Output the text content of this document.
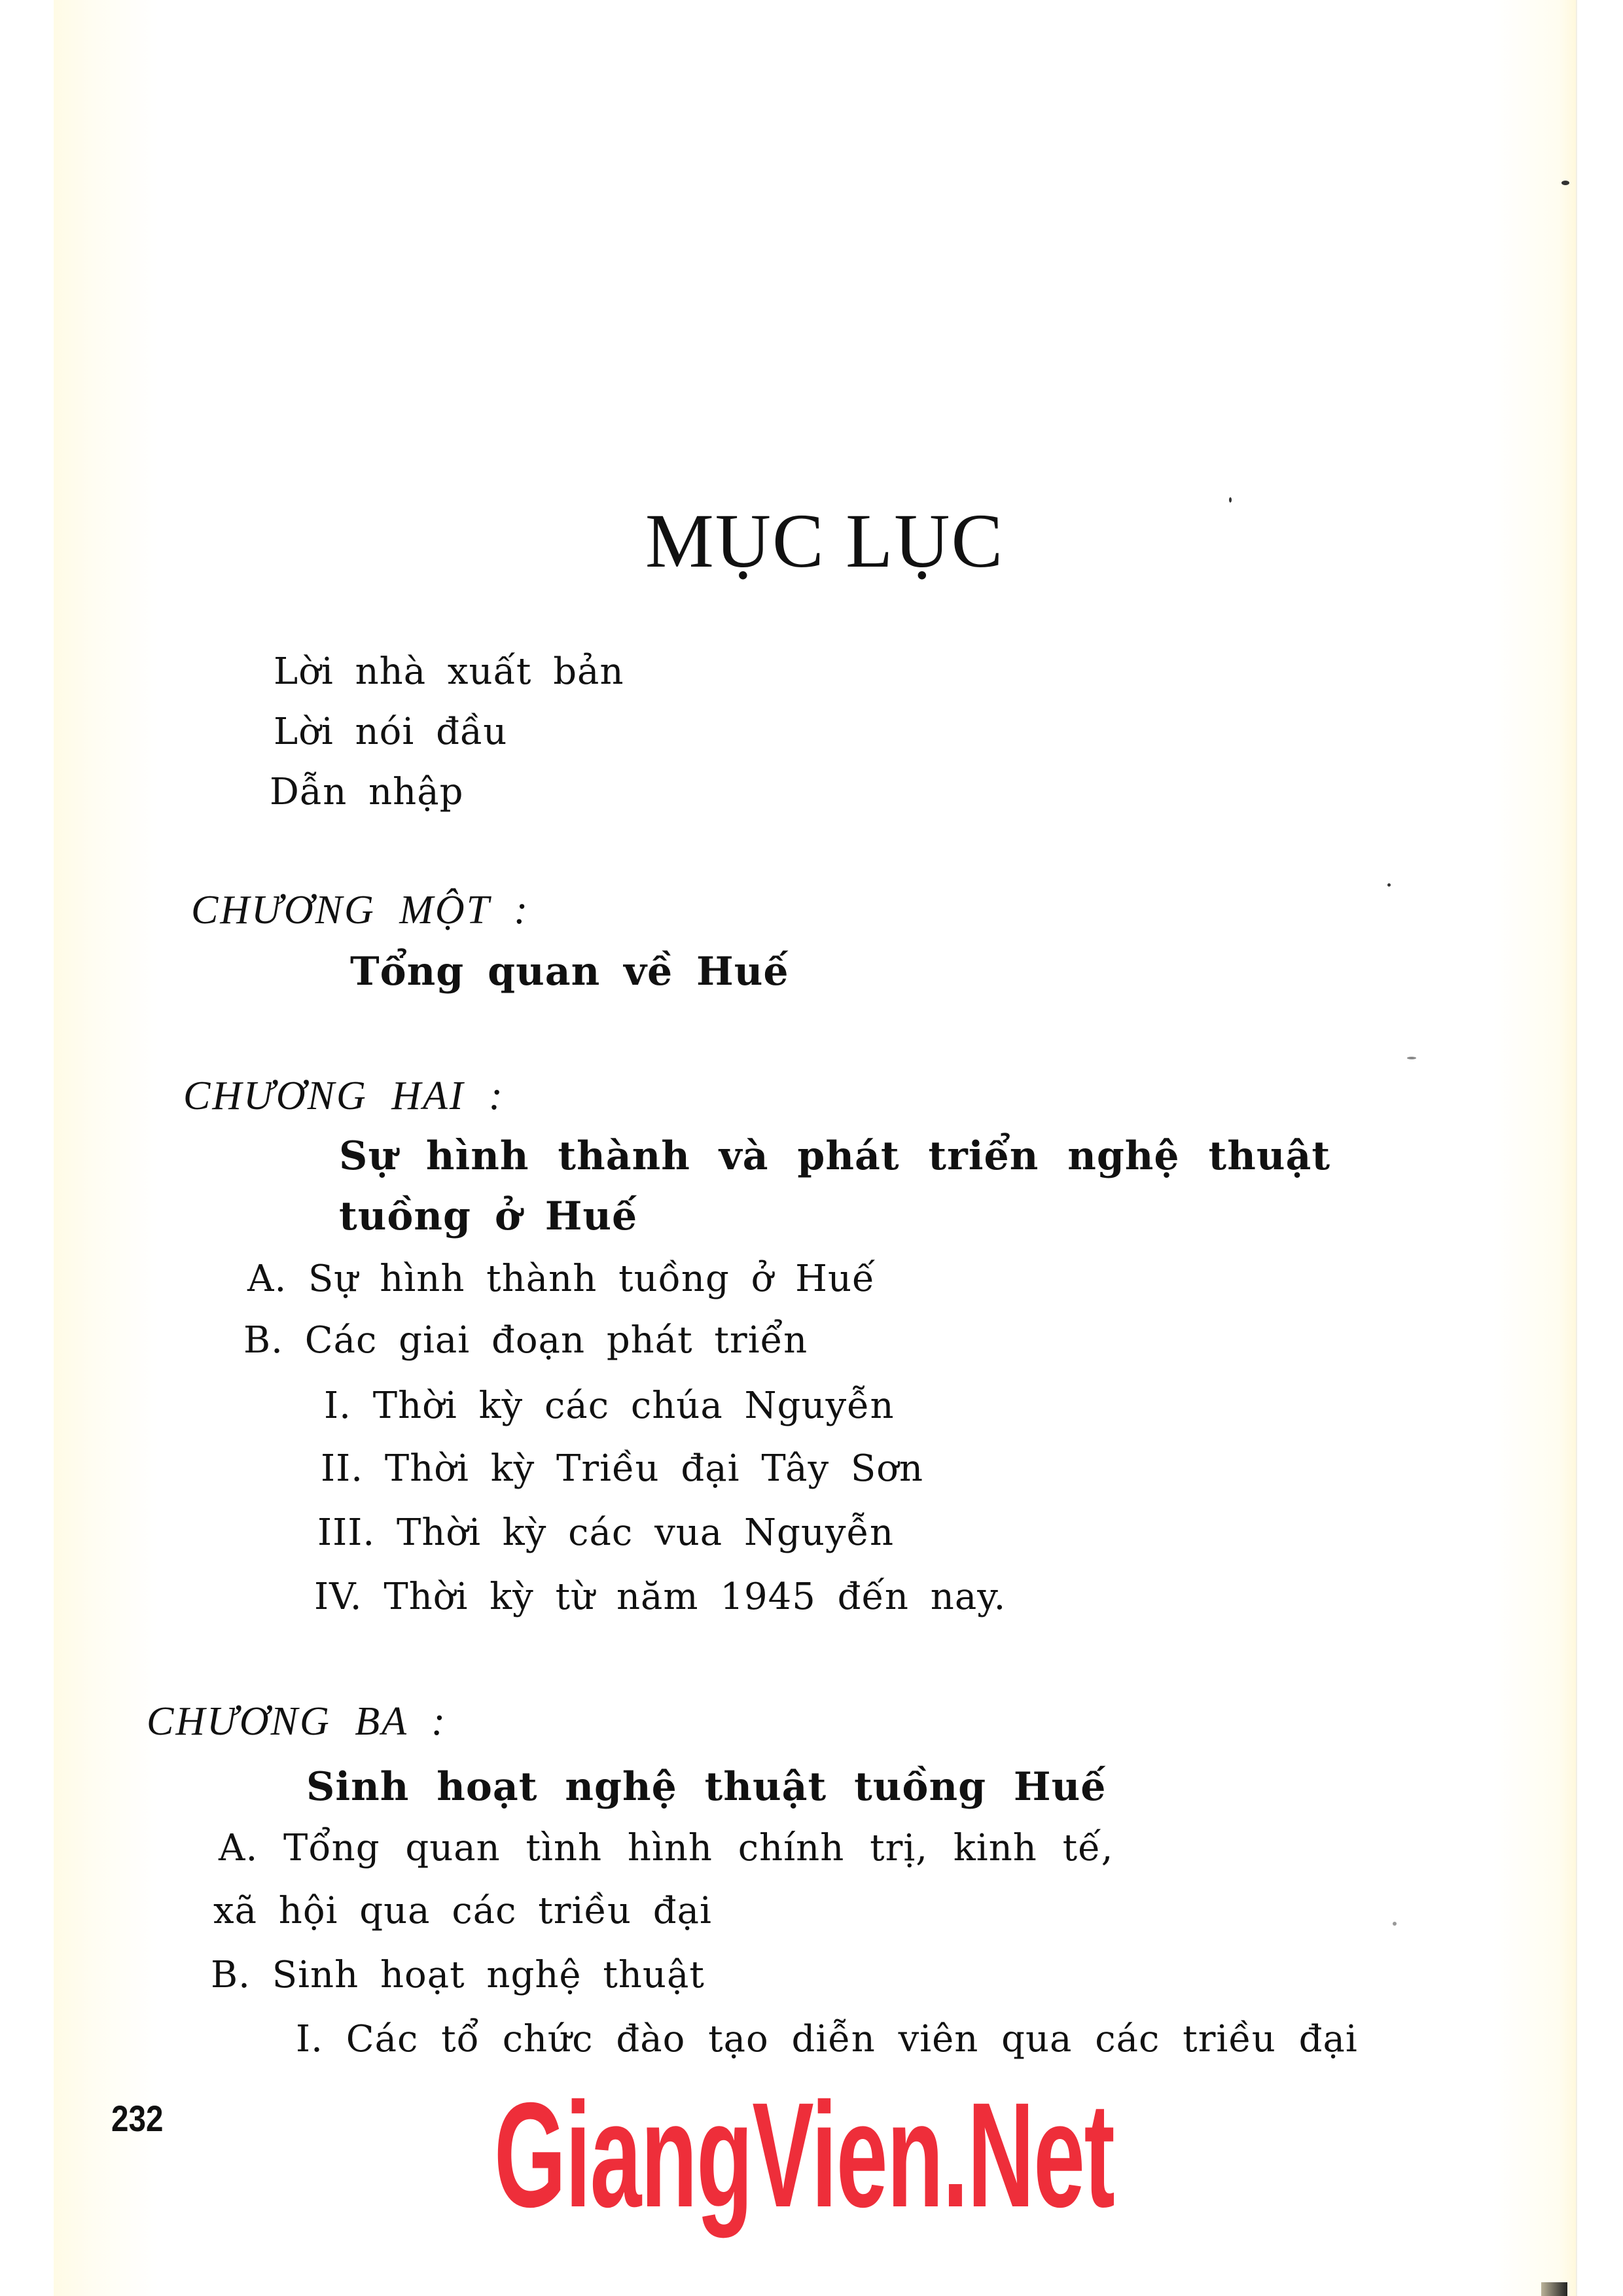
MỤC LỤC
Lời nhà xuất bản
Lời nói đầu
Dẫn nhập
CHƯƠNG MỘT :
Tổng quan về Huế
CHƯƠNG HAI :
Sự hình thành và phát triển nghệ thuật
tuồng ở Huế
A. Sự hình thành tuồng ở Huế
B. Các giai đoạn phát triển
I. Thời kỳ các chúa Nguyễn
II. Thời kỳ Triều đại Tây Sơn
III. Thời kỳ các vua Nguyễn
IV. Thời kỳ từ năm 1945 đến nay.
CHƯƠNG BA :
Sinh hoạt nghệ thuật tuồng Huế
A. Tổng quan tình hình chính trị, kinh tế,
xã hội qua các triều đại
B. Sinh hoạt nghệ thuật
I. Các tổ chức đào tạo diễn viên qua các triều đại
232 GiangVien.Net
